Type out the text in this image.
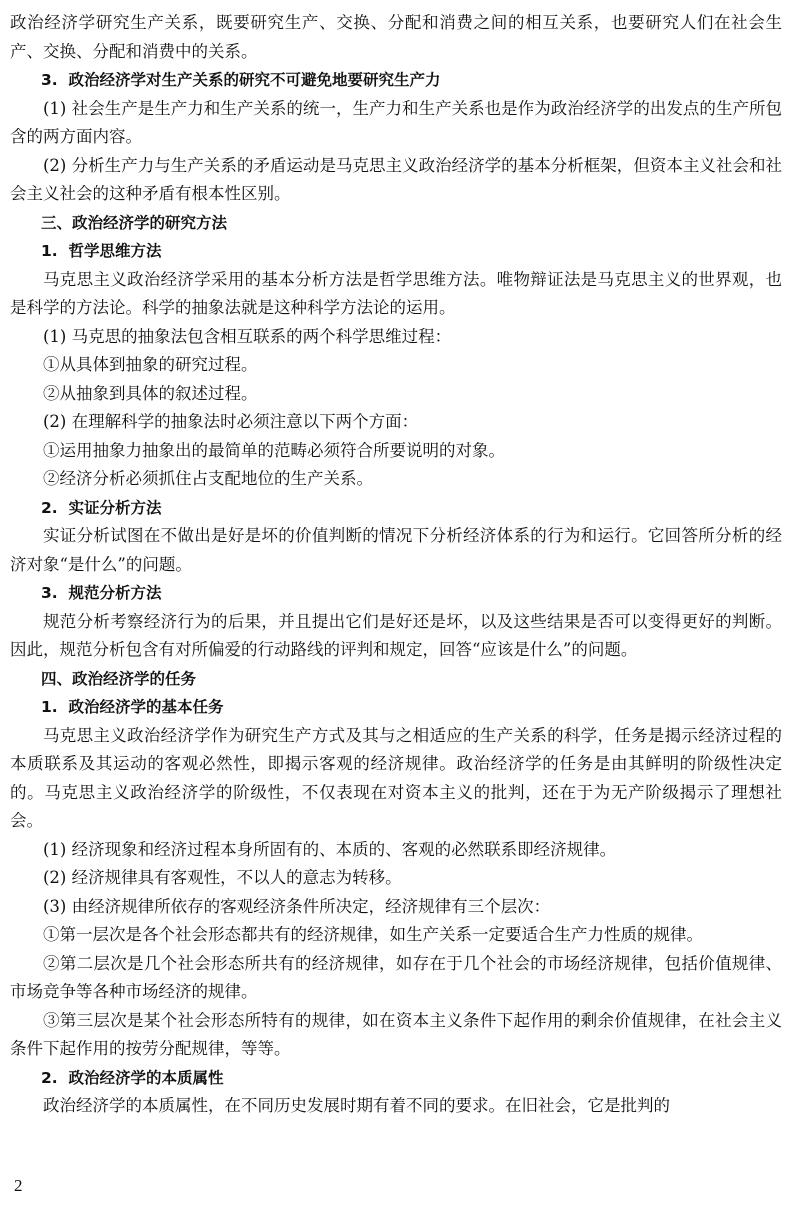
政治经济学研究生产关系，既要研究生产、交换、分配和消费之间的相互关系，也要研究人们在社会生产、交换、分配和消费中的关系。

3. 政治经济学对生产关系的研究不可避免地要研究生产力

(1) 社会生产是生产力和生产关系的统一，生产力和生产关系也是作为政治经济学的出发点的生产所包含的两方面内容。

(2) 分析生产力与生产关系的矛盾运动是马克思主义政治经济学的基本分析框架，但资本主义社会和社会主义社会的这种矛盾有根本性区别。

三、政治经济学的研究方法
1. 哲学思维方法

马克思主义政治经济学采用的基本分析方法是哲学思维方法。唯物辩证法是马克思主义的世界观，也是科学的方法论。科学的抽象法就是这种科学方法论的运用。

(1) 马克思的抽象法包含相互联系的两个科学思维过程：

①从具体到抽象的研究过程。

②从抽象到具体的叙述过程。

(2) 在理解科学的抽象法时必须注意以下两个方面：

①运用抽象力抽象出的最简单的范畴必须符合所要说明的对象。

②经济分析必须抓住占支配地位的生产关系。

2. 实证分析方法

实证分析试图在不做出是好是坏的价值判断的情况下分析经济体系的行为和运行。它回答所分析的经济对象“是什么”的问题。

3. 规范分析方法

规范分析考察经济行为的后果，并且提出它们是好还是坏，以及这些结果是否可以变得更好的判断。因此，规范分析包含有对所偏爱的行动路线的评判和规定，回答“应该是什么”的问题。

四、政治经济学的任务
1. 政治经济学的基本任务

马克思主义政治经济学作为研究生产方式及其与之相适应的生产关系的科学，任务是揭示经济过程的本质联系及其运动的客观必然性，即揭示客观的经济规律。政治经济学的任务是由其鲜明的阶级性决定的。马克思主义政治经济学的阶级性，不仅表现在对资本主义的批判，还在于为无产阶级揭示了理想社会。

(1) 经济现象和经济过程本身所固有的、本质的、客观的必然联系即经济规律。

(2) 经济规律具有客观性，不以人的意志为转移。

(3) 由经济规律所依存的客观经济条件所决定，经济规律有三个层次：

①第一层次是各个社会形态都共有的经济规律，如生产关系一定要适合生产力性质的规律。

②第二层次是几个社会形态所共有的经济规律，如存在于几个社会的市场经济规律，包括价值规律、市场竞争等各种市场经济的规律。

③第三层次是某个社会形态所特有的规律，如在资本主义条件下起作用的剩余价值规律，在社会主义条件下起作用的按劳分配规律，等等。

2. 政治经济学的本质属性

政治经济学的本质属性，在不同历史发展时期有着不同的要求。在旧社会，它是批判的

2
